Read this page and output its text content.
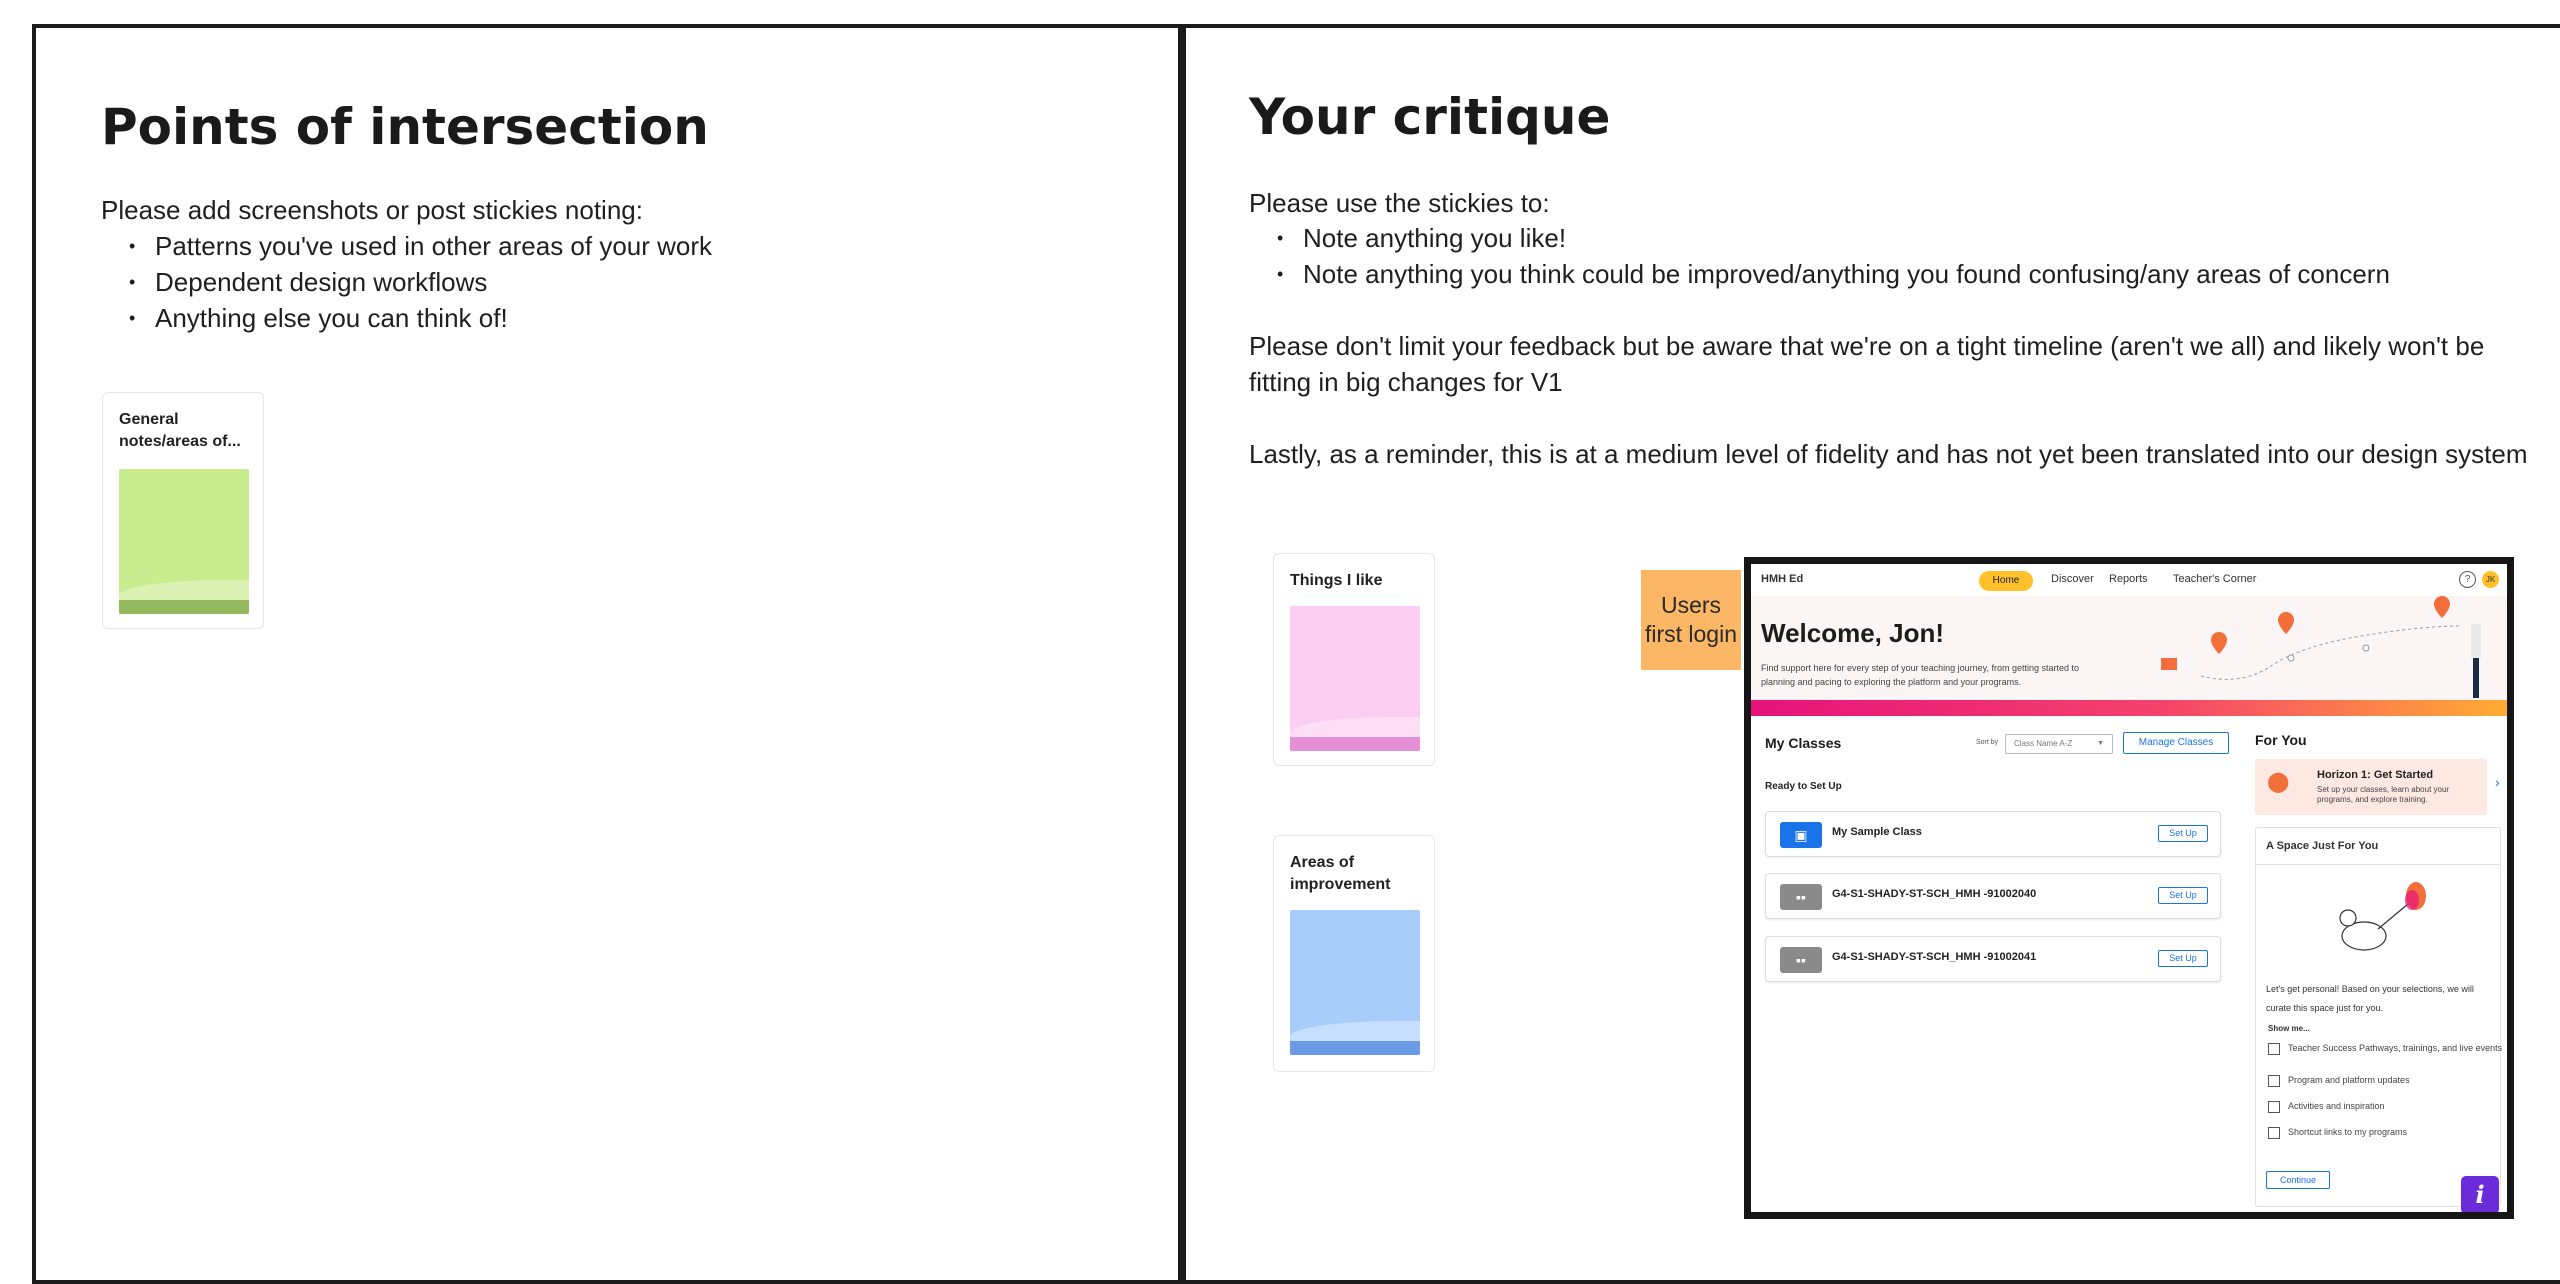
Points of intersection
Please add screenshots or post stickies noting:
• Patterns you've used in other areas of your work
• Dependent design workflows
• Anything else you can think of!
General notes/areas of...
Your critique
Please use the stickies to:
• Note anything you like!
• Note anything you think could be improved/anything you found confusing/any areas of concern
Please don't limit your feedback but be aware that we're on a tight timeline (aren't we all) and likely won't be fitting in big changes for V1
Lastly, as a reminder, this is at a medium level of fidelity and has not yet been translated into our design system
Things I like
Areas of improvement
Users first login
HMH Ed	Home	Discover Reports Teacher's Corner	?	JK
Welcome, Jon!
Find support here for every step of your teaching journey, from getting started to planning and pacing to exploring the platform and your programs.
My Classes	Sort by	Class Name A-Z	▼	Manage Classes
Ready to Set Up
▣	My Sample Class	Set Up
▪▪	G4-S1-SHADY-ST-SCH_HMH -91002040	Set Up
▪▪	G4-S1-SHADY-ST-SCH_HMH -91002041	Set Up
For You
⬤	Horizon 1: Get Started
Set up your classes, learn about your programs, and explore training.
›
A Space Just For You
Let's get personal! Based on your selections, we will curate this space just for you.
Show me...
Teacher Success Pathways, trainings, and live events
Program and platform updates
Activities and inspiration
Shortcut links to my programs
Continue	i
